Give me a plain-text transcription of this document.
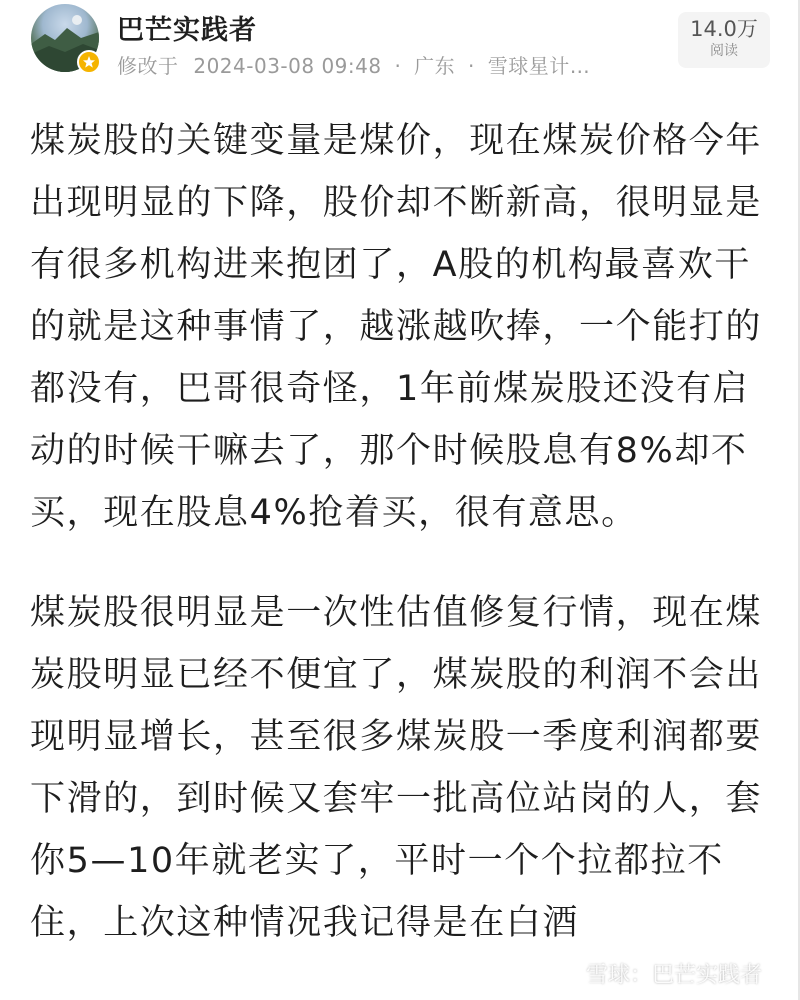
巴芒实践者
修改于 2024-03-08 09:48 · 广东 · 雪球星计…
14.0万
阅读

煤炭股的关键变量是煤价，现在煤炭价格今年出现明显的下降，股价却不断新高，很明显是有很多机构进来抱团了，A股的机构最喜欢干的就是这种事情了，越涨越吹捧，一个能打的都没有，巴哥很奇怪，1年前煤炭股还没有启动的时候干嘛去了，那个时候股息有8%却不买，现在股息4%抢着买，很有意思。

煤炭股很明显是一次性估值修复行情，现在煤炭股明显已经不便宜了，煤炭股的利润不会出现明显增长，甚至很多煤炭股一季度利润都要下滑的，到时候又套牢一批高位站岗的人，套你5—10年就老实了，平时一个个拉都拉不住，上次这种情况我记得是在白酒

雪球：巴芒实践者
